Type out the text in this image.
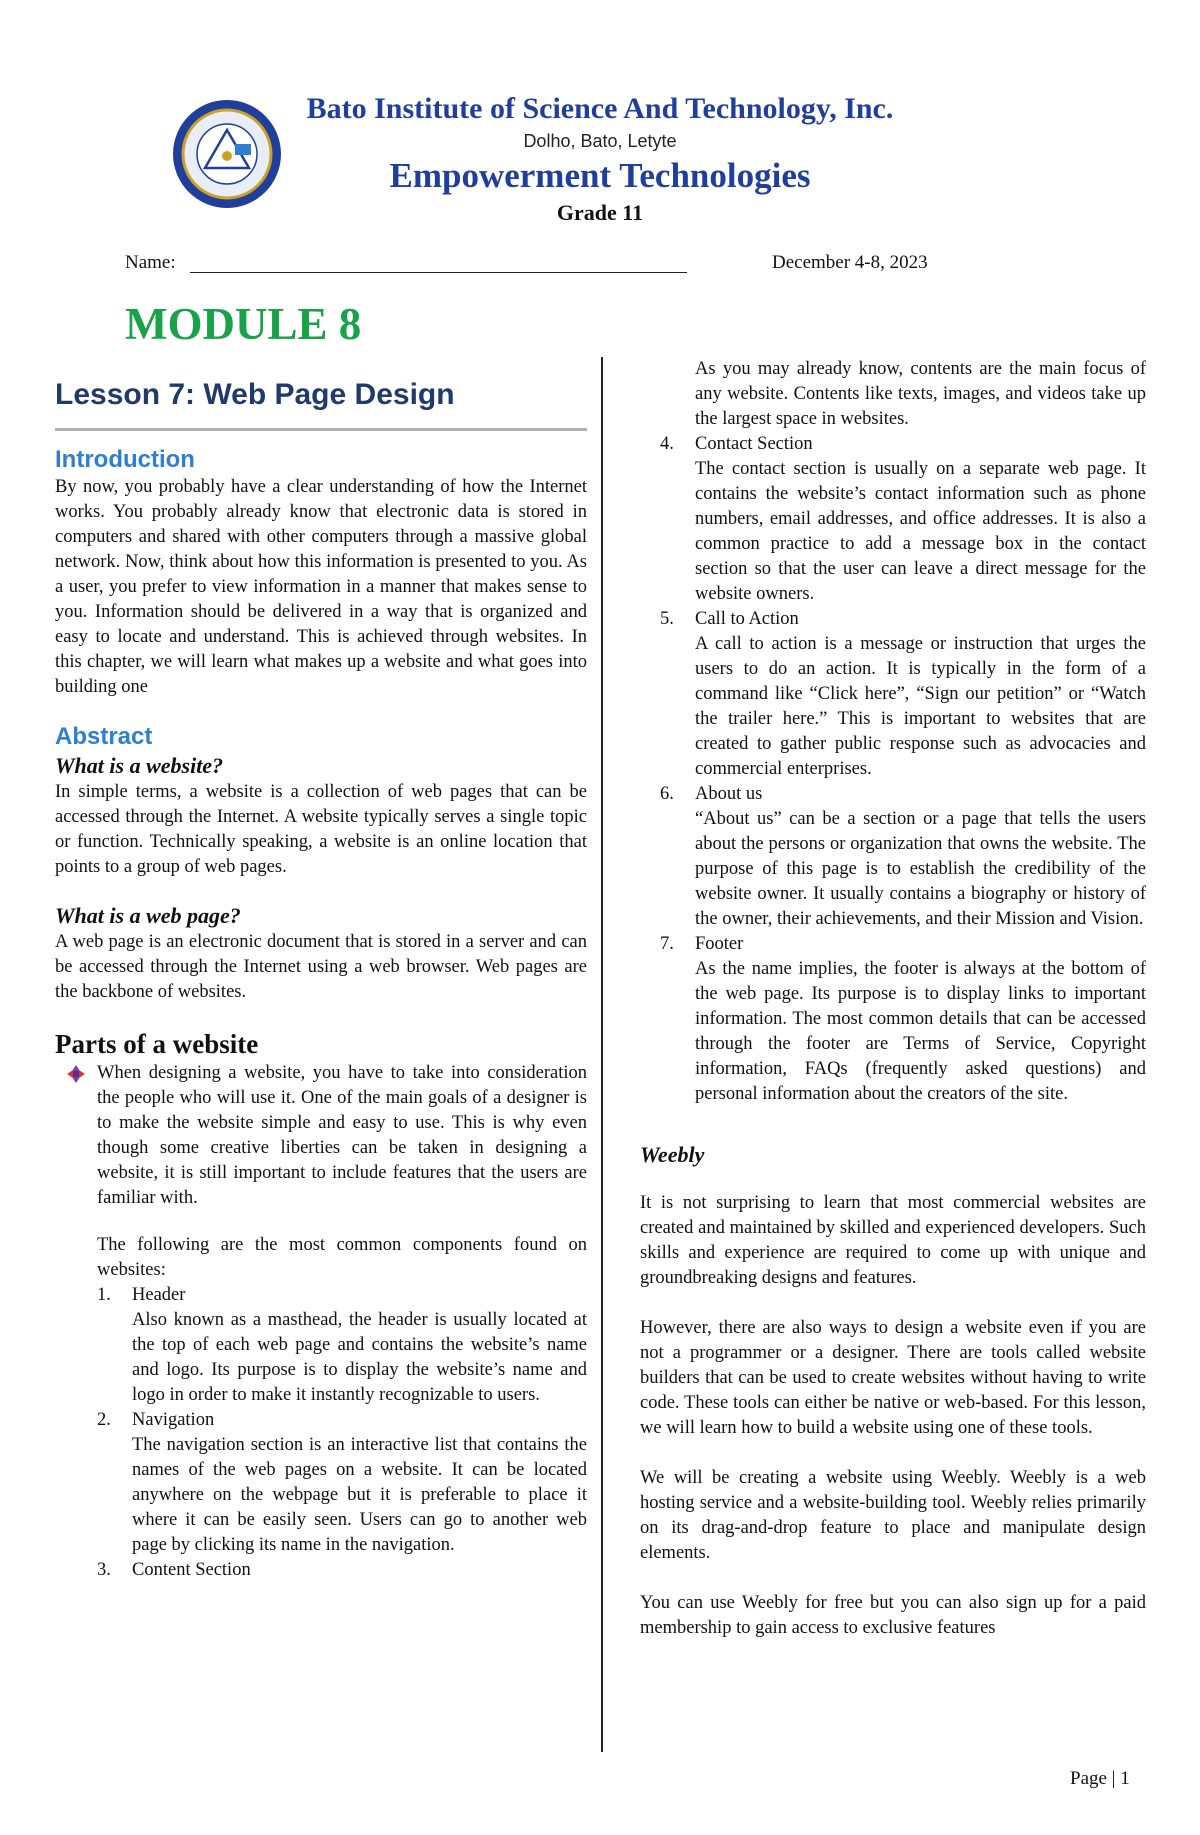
Bato Institute of Science And Technology, Inc.
Dolho, Bato, Letyte
Empowerment Technologies
Grade 11
Name:	December 4-8, 2023
MODULE 8
Lesson 7: Web Page Design
Introduction

By now, you probably have a clear understanding of how the Internet works. You probably already know that electronic data is stored in computers and shared with other computers through a massive global network. Now, think about how this information is presented to you. As a user, you prefer to view information in a manner that makes sense to you. Information should be delivered in a way that is organized and easy to locate and understand. This is achieved through websites. In this chapter, we will learn what makes up a website and what goes into building one

Abstract
What is a website?

In simple terms, a website is a collection of web pages that can be accessed through the Internet. A website typically serves a single topic or function. Technically speaking, a website is an online location that points to a group of web pages.

What is a web page?

A web page is an electronic document that is stored in a server and can be accessed through the Internet using a web browser. Web pages are the backbone of websites.

Parts of a website

When designing a website, you have to take into consideration the people who will use it. One of the main goals of a designer is to make the website simple and easy to use. This is why even though some creative liberties can be taken in designing a website, it is still important to include features that the users are familiar with.

The following are the most common components found on websites:

1. Header

Also known as a masthead, the header is usually located at the top of each web page and contains the website’s name and logo. Its purpose is to display the website’s name and logo in order to make it instantly recognizable to users.

2. Navigation

The navigation section is an interactive list that contains the names of the web pages on a website. It can be located anywhere on the webpage but it is preferable to place it where it can be easily seen. Users can go to another web page by clicking its name in the navigation.

3. Content Section

As you may already know, contents are the main focus of any website. Contents like texts, images, and videos take up the largest space in websites.

4. Contact Section

The contact section is usually on a separate web page. It contains the website’s contact information such as phone numbers, email addresses, and office addresses. It is also a common practice to add a message box in the contact section so that the user can leave a direct message for the website owners.

5. Call to Action

A call to action is a message or instruction that urges the users to do an action. It is typically in the form of a command like “Click here”, “Sign our petition” or “Watch the trailer here.” This is important to websites that are created to gather public response such as advocacies and commercial enterprises.

6. About us

“About us” can be a section or a page that tells the users about the persons or organization that owns the website. The purpose of this page is to establish the credibility of the website owner. It usually contains a biography or history of the owner, their achievements, and their Mission and Vision.

7. Footer

As the name implies, the footer is always at the bottom of the web page. Its purpose is to display links to important information. The most common details that can be accessed through the footer are Terms of Service, Copyright information, FAQs (frequently asked questions) and personal information about the creators of the site.

Weebly

It is not surprising to learn that most commercial websites are created and maintained by skilled and experienced developers. Such skills and experience are required to come up with unique and groundbreaking designs and features.

However, there are also ways to design a website even if you are not a programmer or a designer. There are tools called website builders that can be used to create websites without having to write code. These tools can either be native or web-based. For this lesson, we will learn how to build a website using one of these tools.

We will be creating a website using Weebly. Weebly is a web hosting service and a website-building tool. Weebly relies primarily on its drag-and-drop feature to place and manipulate design elements.

You can use Weebly for free but you can also sign up for a paid membership to gain access to exclusive features

Page | 1
